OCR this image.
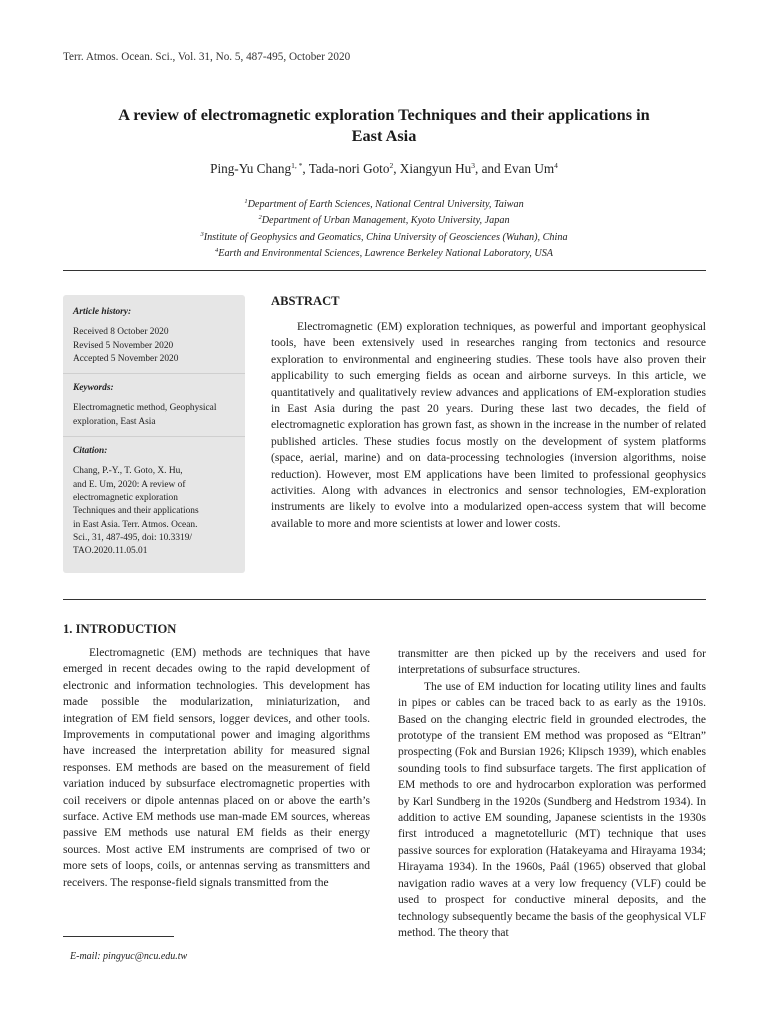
Terr. Atmos. Ocean. Sci., Vol. 31, No. 5, 487-495, October 2020
A review of electromagnetic exploration Techniques and their applications in
East Asia
Ping-Yu Chang$^{1, *}$, Tada-nori Goto$^2$, Xiangyun Hu$^3$, and Evan Um$^4$
$^1$Department of Earth Sciences, National Central University, Taiwan
$^2$Department of Urban Management, Kyoto University, Japan
$^3$Institute of Geophysics and Geomatics, China University of Geosciences (Wuhan), China
$^4$Earth and Environmental Sciences, Lawrence Berkeley National Laboratory, USA

Article history:

Received 8 October 2020

Revised 5 November 2020

Accepted 5 November 2020

Keywords:

Electromagnetic method, Geophysical

exploration, East Asia

Citation:

Chang, P.-Y., T. Goto, X. Hu,

and E. Um, 2020: A review of

electromagnetic exploration

Techniques and their applications

in East Asia. Terr. Atmos. Ocean.

Sci., 31, 487-495, doi: 10.3319/

TAO.2020.11.05.01

ABSTRACT

Electromagnetic (EM) exploration techniques, as powerful and important geophysical tools, have been extensively used in researches ranging from tectonics and resource exploration to environmental and engineering studies. These tools have also proven their applicability to such emerging fields as ocean and airborne surveys. In this article, we quantitatively and qualitatively review advances and applications of EM-exploration studies in East Asia during the past 20 years. During these last two decades, the field of electromagnetic exploration has grown fast, as shown in the increase in the number of related published articles. These studies focus mostly on the development of system platforms (space, aerial, marine) and on data-processing technologies (inversion algorithms, noise reduction). However, most EM applications have been limited to professional geophysics activities. Along with advances in electronics and sensor technologies, EM-exploration instruments are likely to evolve into a modularized open-access system that will become available to more and more scientists at lower and lower costs.

1. INTRODUCTION

Electromagnetic (EM) methods are techniques that have emerged in recent decades owing to the rapid development of electronic and information technologies. This development has made possible the modularization, miniaturization, and integration of EM field sensors, logger devices, and other tools. Improvements in computational power and imaging algorithms have increased the interpretation ability for measured signal responses. EM methods are based on the measurement of field variation induced by subsurface electromagnetic properties with coil receivers or dipole antennas placed on or above the earth’s surface. Active EM methods use man-made EM sources, whereas passive EM methods use natural EM fields as their energy sources. Most active EM instruments are comprised of two or more sets of loops, coils, or antennas serving as transmitters and receivers. The response-field signals transmitted from the

transmitter are then picked up by the receivers and used for interpretations of subsurface structures.

The use of EM induction for locating utility lines and faults in pipes or cables can be traced back to as early as the 1910s. Based on the changing electric field in grounded electrodes, the prototype of the transient EM method was proposed as “Eltran” prospecting (Fok and Bursian 1926; Klipsch 1939), which enables sounding tools to find subsurface targets. The first application of EM methods to ore and hydrocarbon exploration was performed by Karl Sundberg in the 1920s (Sundberg and Hedstrom 1934). In addition to active EM sounding, Japanese scientists in the 1930s first introduced a magnetotelluric (MT) technique that uses passive sources for exploration (Hatakeyama and Hirayama 1934; Hirayama 1934). In the 1960s, Paál (1965) observed that global navigation radio waves at a very low frequency (VLF) could be used to prospect for conductive mineral deposits, and the technology subsequently became the basis of the geophysical VLF method. The theory that

E-mail: pingyuc@ncu.edu.tw
